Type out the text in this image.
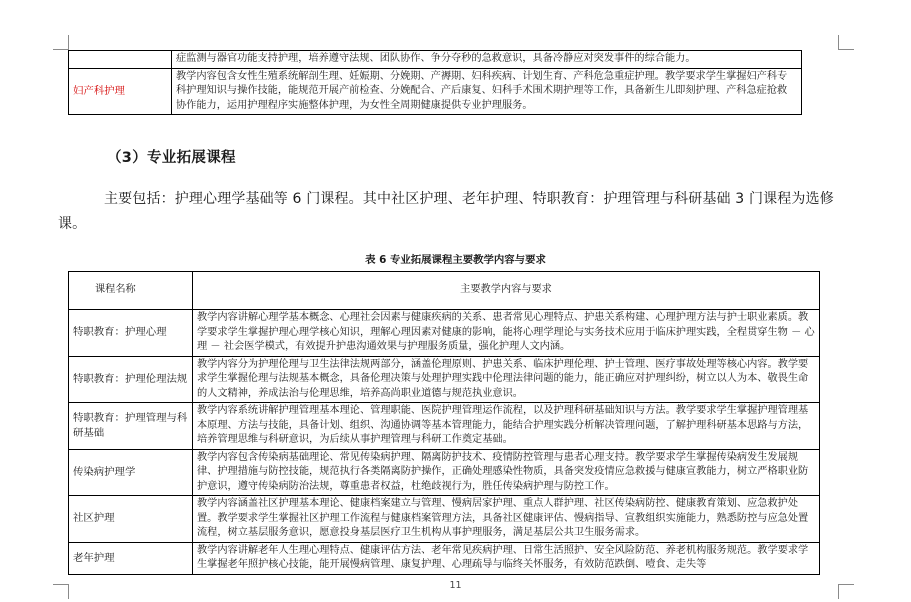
	症监测与器官功能支持护理，培养遵守法规、团队协作、争分夺秒的急救意识，具备冷静应对突发事件的综合能力。
妇产科护理	教学内容包含女性生殖系统解剖生理、妊娠期、分娩期、产褥期、妇科疾病、计划生育、产科危急重症护理。教学要求学生掌握妇产科专科护理知识与操作技能，能规范开展产前检查、分娩配合、产后康复、妇科手术围术期护理等工作，具备新生儿即刻护理、产科急症抢救协作能力，运用护理程序实施整体护理，为女性全周期健康提供专业护理服务。
（3）专业拓展课程
主要包括：护理心理学基础等 6 门课程。其中社区护理、老年护理、特职教育：护理管理与科研基础 3 门课程为选修课。
表 6 专业拓展课程主要教学内容与要求
课程名称	主要教学内容与要求
特职教育：护理心理	教学内容讲解心理学基本概念、心理社会因素与健康疾病的关系、患者常见心理特点、护患关系构建、心理护理方法与护士职业素质。教学要求学生掌握护理心理学核心知识，理解心理因素对健康的影响，能将心理学理论与实务技术应用于临床护理实践，全程贯穿生物 － 心理 － 社会医学模式，有效提升护患沟通效果与护理服务质量，强化护理人文内涵。
特职教育：护理伦理法规	教学内容分为护理伦理与卫生法律法规两部分，涵盖伦理原则、护患关系、临床护理伦理、护士管理、医疗事故处理等核心内容。教学要求学生掌握伦理与法规基本概念，具备伦理决策与处理护理实践中伦理法律问题的能力，能正确应对护理纠纷，树立以人为本、敬畏生命的人文精神，养成法治与伦理思维，培养高尚职业道德与规范执业意识。
特职教育：护理管理与科研基础	教学内容系统讲解护理管理基本理论、管理职能、医院护理管理运作流程，以及护理科研基础知识与方法。教学要求学生掌握护理管理基本原理、方法与技能，具备计划、组织、沟通协调等基本管理能力，能结合护理实践分析解决管理问题，了解护理科研基本思路与方法，培养管理思维与科研意识，为后续从事护理管理与科研工作奠定基础。
传染病护理学	教学内容包含传染病基础理论、常见传染病护理、隔离防护技术、疫情防控管理与患者心理支持。教学要求学生掌握传染病发生发展规律、护理措施与防控技能，规范执行各类隔离防护操作，正确处理感染性物质，具备突发疫情应急救援与健康宣教能力，树立严格职业防护意识，遵守传染病防治法规，尊重患者权益，杜绝歧视行为，胜任传染病护理与防控工作。
社区护理	教学内容涵盖社区护理基本理论、健康档案建立与管理、慢病居家护理、重点人群护理、社区传染病防控、健康教育策划、应急救护处置。教学要求学生掌握社区护理工作流程与健康档案管理方法，具备社区健康评估、慢病指导、宣教组织实施能力，熟悉防控与应急处置流程，树立基层服务意识，愿意投身基层医疗卫生机构从事护理服务，满足基层公共卫生服务需求。
老年护理	教学内容讲解老年人生理心理特点、健康评估方法、老年常见疾病护理、日常生活照护、安全风险防范、养老机构服务规范。教学要求学生掌握老年照护核心技能，能开展慢病管理、康复护理、心理疏导与临终关怀服务，有效防范跌倒、噎食、走失等
11
